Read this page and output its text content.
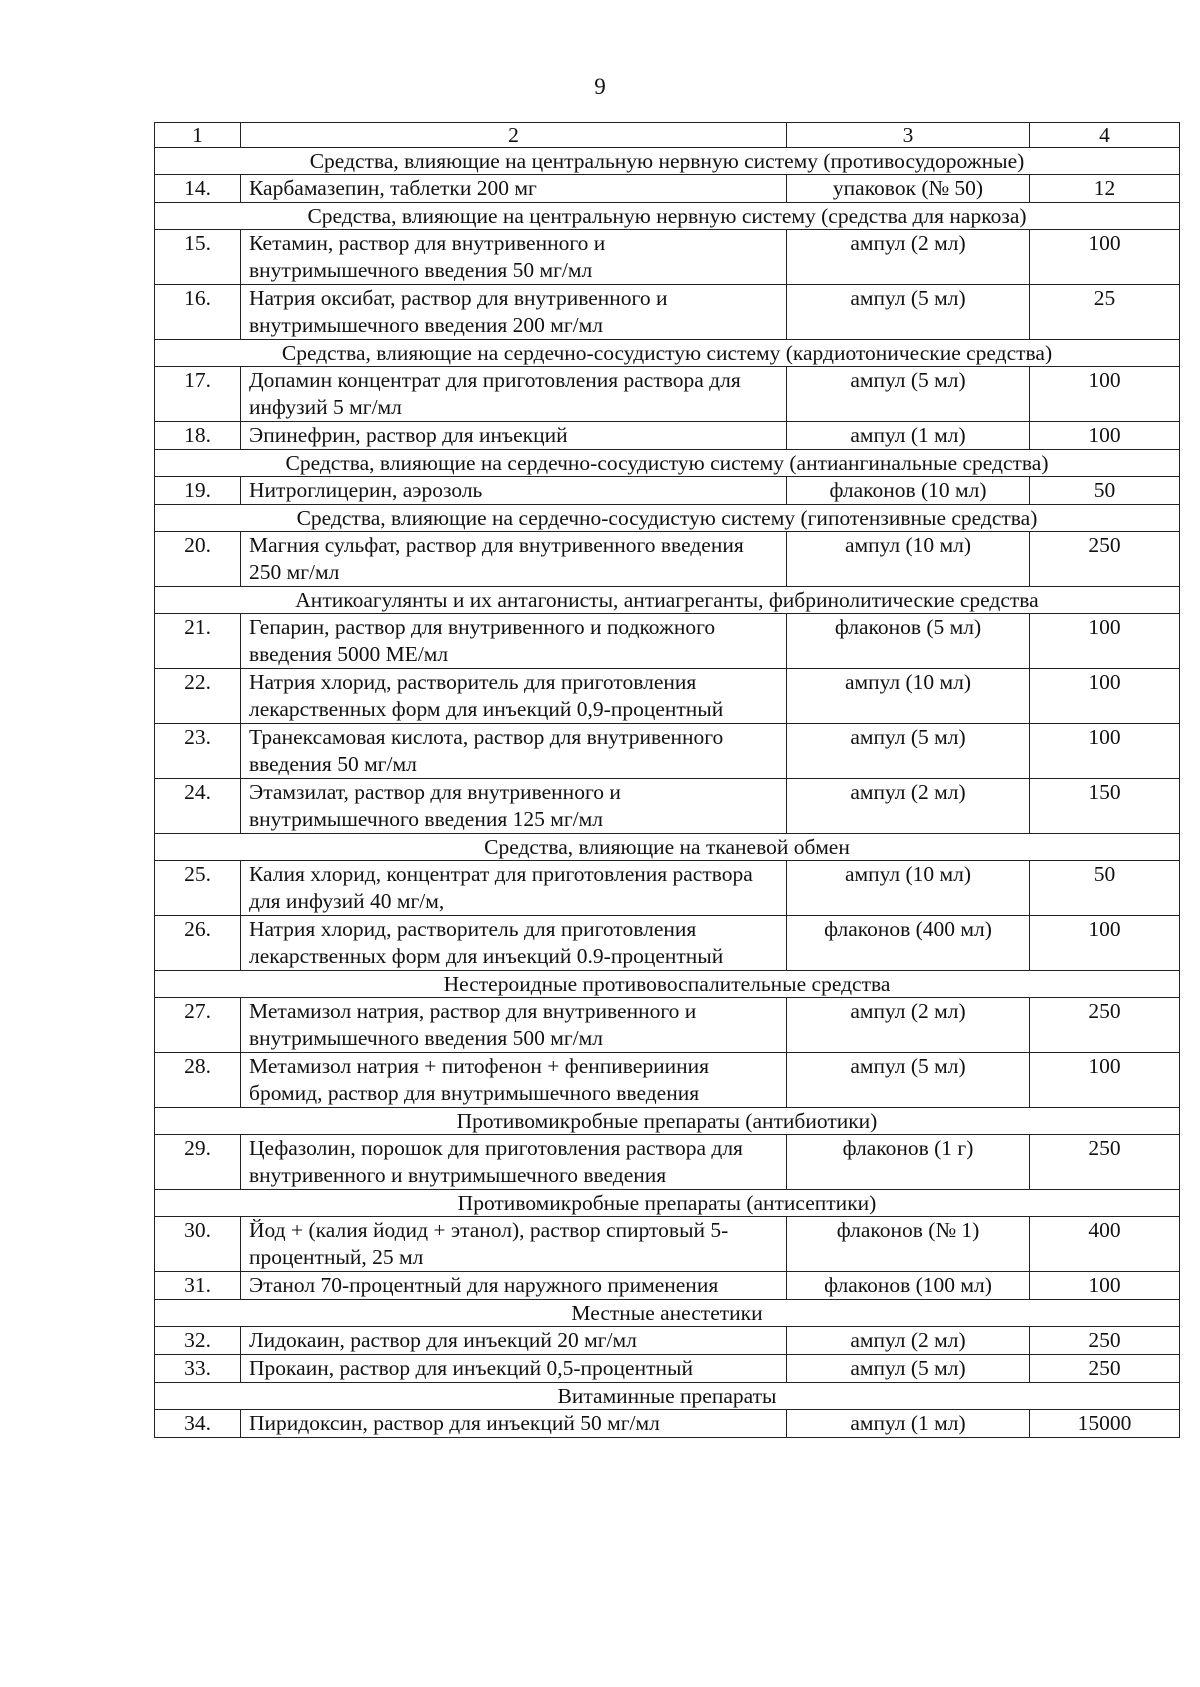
9
1	2	3	4
Средства, влияющие на центральную нервную систему (противосудорожные)			
14.	Карбамазепин, таблетки 200 мг	упаковок (№ 50)	12
Средства, влияющие на центральную нервную систему (средства для наркоза)			
15.	Кетамин, раствор для внутривенного и внутримышечного введения 50 мг/мл	ампул (2 мл)	100
16.	Натрия оксибат, раствор для внутривенного и внутримышечного введения 200 мг/мл	ампул (5 мл)	25
Средства, влияющие на сердечно-сосудистую систему (кардиотонические средства)			
17.	Допамин концентрат для приготовления раствора для инфузий 5 мг/мл	ампул (5 мл)	100
18.	Эпинефрин, раствор для инъекций	ампул (1 мл)	100
Средства, влияющие на сердечно-сосудистую систему (антиангинальные средства)			
19.	Нитроглицерин, аэрозоль	флаконов (10 мл)	50
Средства, влияющие на сердечно-сосудистую систему (гипотензивные средства)			
20.	Магния сульфат, раствор для внутривенного введения 250 мг/мл	ампул (10 мл)	250
Антикоагулянты и их антагонисты, антиагреганты, фибринолитические средства			
21.	Гепарин, раствор для внутривенного и подкожного введения 5000 МЕ/мл	флаконов (5 мл)	100
22.	Натрия хлорид, растворитель для приготовления лекарственных форм для инъекций 0,9-процентный	ампул (10 мл)	100
23.	Транексамовая кислота, раствор для внутривенного введения 50 мг/мл	ампул (5 мл)	100
24.	Этамзилат, раствор для внутривенного и внутримышечного введения 125 мг/мл	ампул (2 мл)	150
Средства, влияющие на тканевой обмен			
25.	Калия хлорид, концентрат для приготовления раствора для инфузий 40 мг/м,	ампул (10 мл)	50
26.	Натрия хлорид, растворитель для приготовления лекарственных форм для инъекций 0.9-процентный	флаконов (400 мл)	100
Нестероидные противовоспалительные средства			
27.	Метамизол натрия, раствор для внутривенного и внутримышечного введения 500 мг/мл	ампул (2 мл)	250
28.	Метамизол натрия + питофенон + фенпиверииния бромид, раствор для внутримышечного введения	ампул (5 мл)	100
Противомикробные препараты (антибиотики)			
29.	Цефазолин, порошок для приготовления раствора для внутривенного и внутримышечного введения	флаконов (1 г)	250
Противомикробные препараты (антисептики)			
30.	Йод + (калия йодид + этанол), раствор спиртовый 5-процентный, 25 мл	флаконов (№ 1)	400
31.	Этанол 70-процентный для наружного применения	флаконов (100 мл)	100
Местные анестетики			
32.	Лидокаин, раствор для инъекций 20 мг/мл	ампул (2 мл)	250
33.	Прокаин, раствор для инъекций 0,5-процентный	ампул (5 мл)	250
Витаминные препараты			
34.	Пиридоксин, раствор для инъекций 50 мг/мл	ампул (1 мл)	15000
